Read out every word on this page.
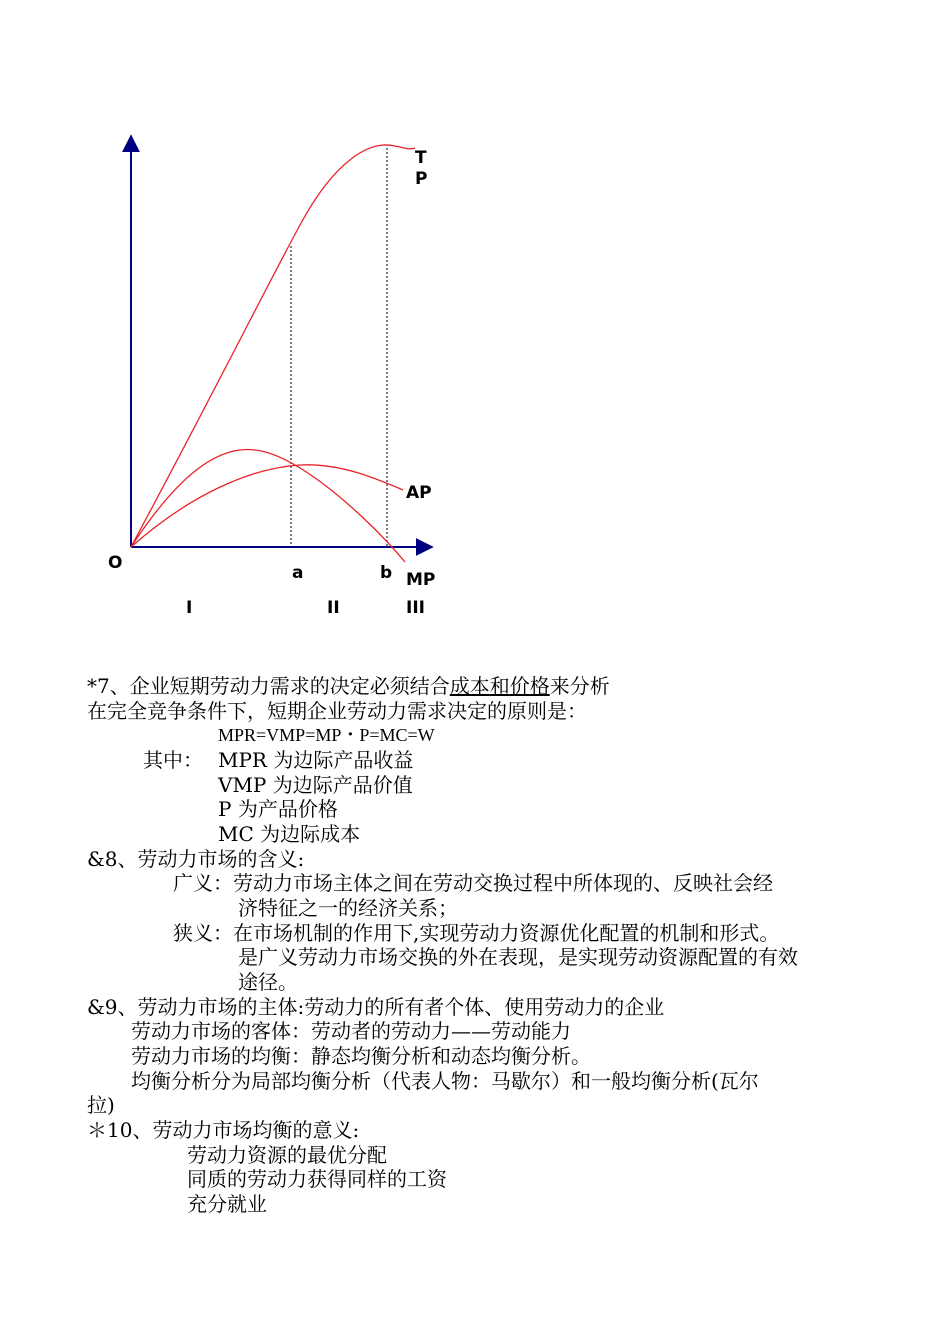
T
P
AP
O	a	b MP
I	II	III
*7、企业短期劳动力需求的决定必须结合成本和价格来分析
在完全竞争条件下，短期企业劳动力需求决定的原则是：
MPR=VMP=MP・P=MC=W
其中： MPR 为边际产品收益
VMP 为边际产品价值
P 为产品价格
MC 为边际成本
&8、劳动力市场的含义:
广义：劳动力市场主体之间在劳动交换过程中所体现的、反映社会经
济特征之一的经济关系；
狭义：在市场机制的作用下,实现劳动力资源优化配置的机制和形式。
是广义劳动力市场交换的外在表现，是实现劳动资源配置的有效
途径。
&9、劳动力市场的主体:劳动力的所有者个体、使用劳动力的企业
劳动力市场的客体：劳动者的劳动力——劳动能力
劳动力市场的均衡：静态均衡分析和动态均衡分析。
均衡分析分为局部均衡分析（代表人物：马歇尔）和一般均衡分析(瓦尔
拉)
＊10、劳动力市场均衡的意义:
劳动力资源的最优分配
同质的劳动力获得同样的工资
充分就业
